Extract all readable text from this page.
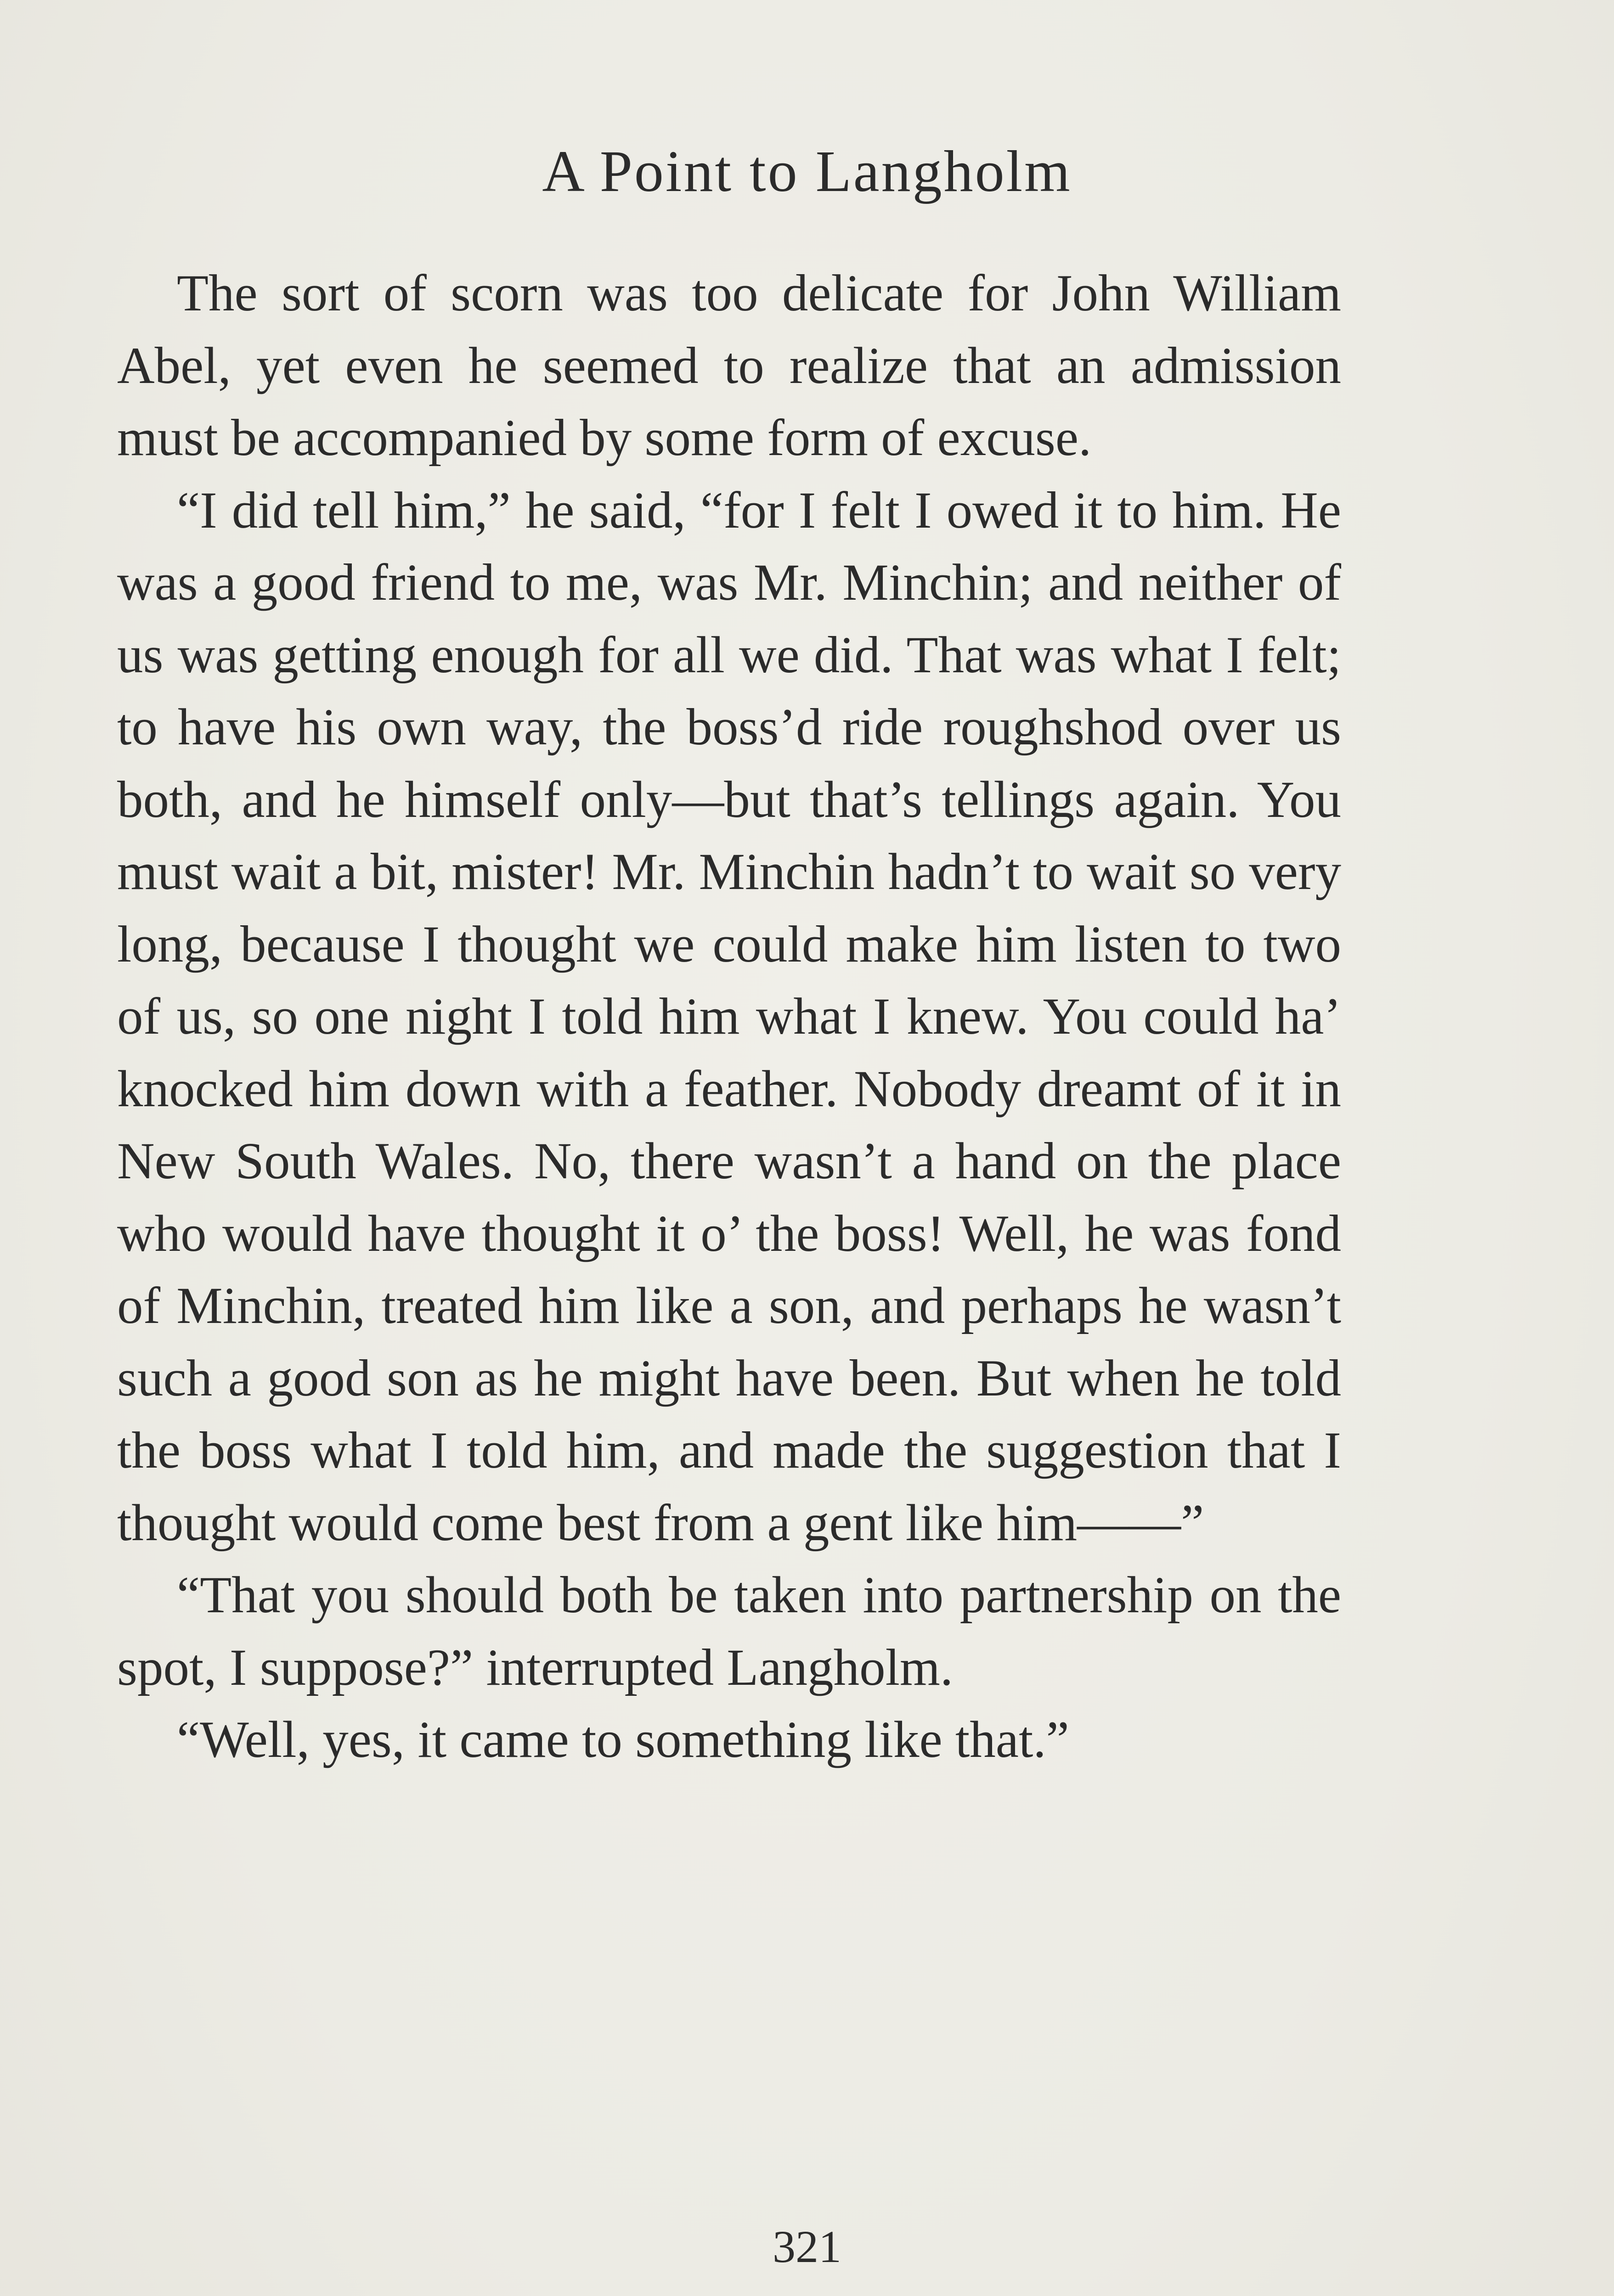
A Point to Langholm

The sort of scorn was too delicate for John William Abel, yet even he seemed to realize that an admission must be accompanied by some form of excuse.

“I did tell him,” he said, “for I felt I owed it to him. He was a good friend to me, was Mr. Minchin; and neither of us was getting enough for all we did. That was what I felt; to have his own way, the boss’d ride roughshod over us both, and he himself only—but that’s tellings again. You must wait a bit, mister! Mr. Minchin hadn’t to wait so very long, because I thought we could make him listen to two of us, so one night I told him what I knew. You could ha’ knocked him down with a feather. Nobody dreamt of it in New South Wales. No, there wasn’t a hand on the place who would have thought it o’ the boss! Well, he was fond of Minchin, treated him like a son, and perhaps he wasn’t such a good son as he might have been. But when he told the boss what I told him, and made the suggestion that I thought would come best from a gent like him——”

“That you should both be taken into partnership on the spot, I suppose?” interrupted Langholm.

“Well, yes, it came to something like that.”

321
